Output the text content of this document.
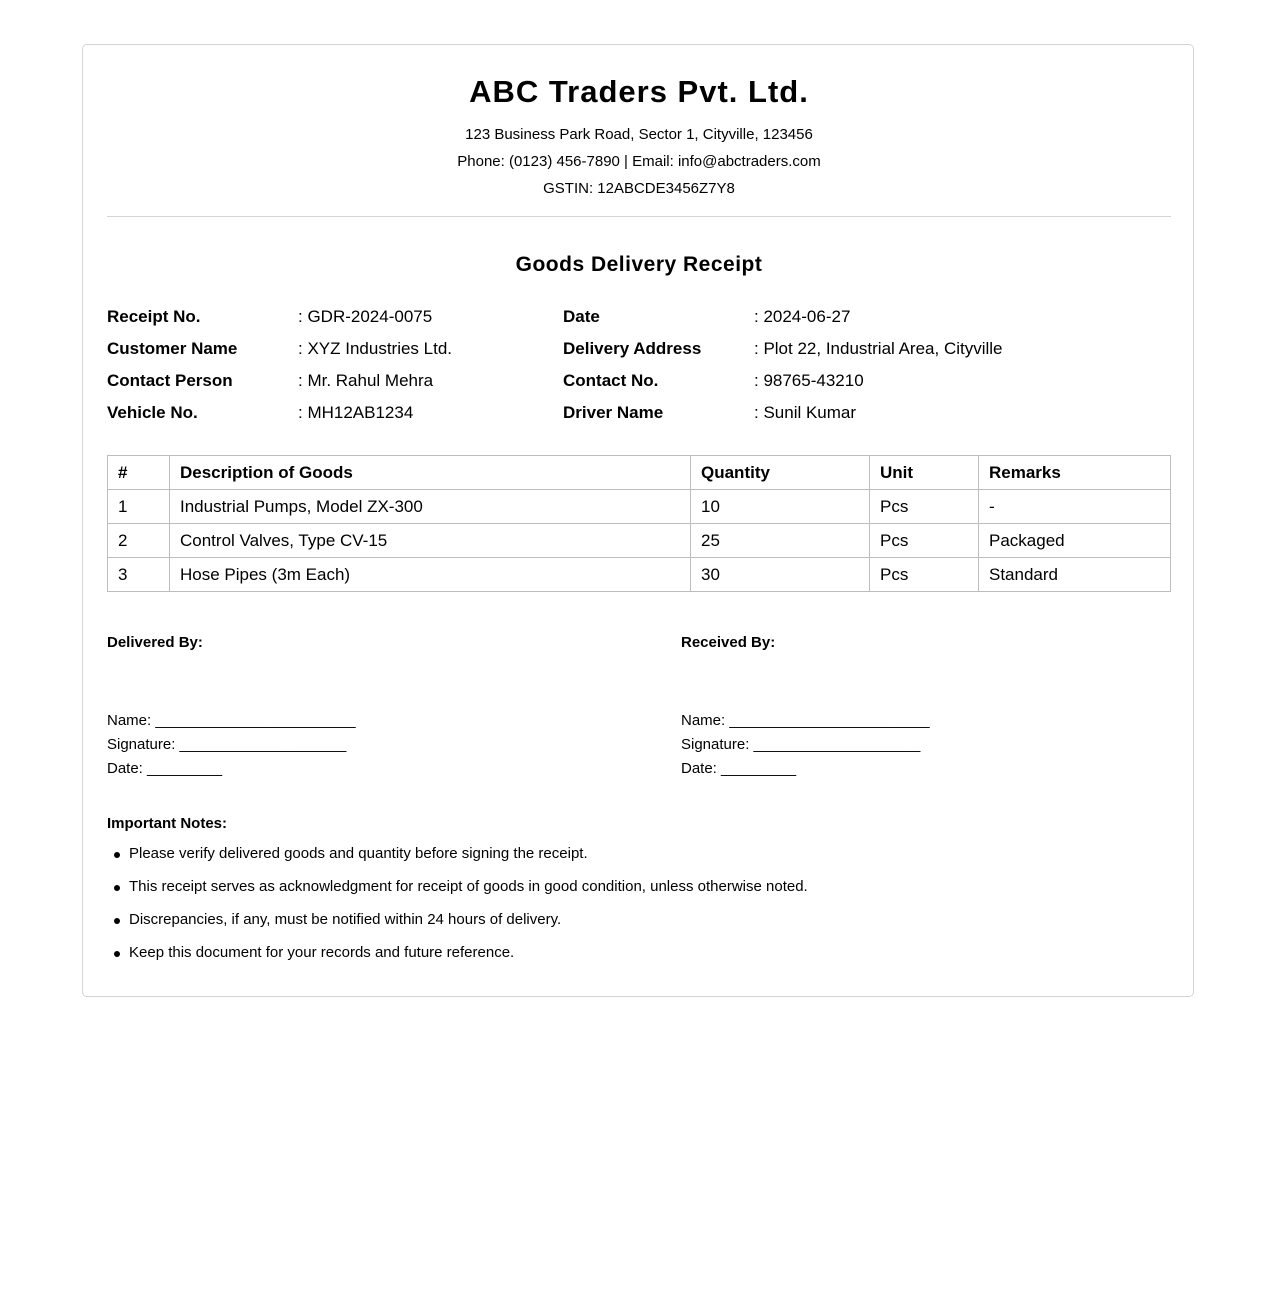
ABC Traders Pvt. Ltd.
123 Business Park Road, Sector 1, Cityville, 123456
Phone: (0123) 456-7890 | Email: info@abctraders.com
GSTIN: 12ABCDE3456Z7Y8
Goods Delivery Receipt
Receipt No.	: GDR-2024-0075	Date	: 2024-06-27
Customer Name	: XYZ Industries Ltd.	Delivery Address	: Plot 22, Industrial Area, Cityville
Contact Person	: Mr. Rahul Mehra	Contact No.	: 98765-43210
Vehicle No.	: MH12AB1234	Driver Name	: Sunil Kumar
#	Description of Goods	Quantity	Unit	Remarks
1	Industrial Pumps, Model ZX-300	10	Pcs	-
2	Control Valves, Type CV-15	25	Pcs	Packaged
3	Hose Pipes (3m Each)	30	Pcs	Standard
Delivered By:
Name: ________________________
Signature: ____________________
Date: _________
Received By:
Name: ________________________
Signature: ____________________
Date: _________
Important Notes:
Please verify delivered goods and quantity before signing the receipt.
This receipt serves as acknowledgment for receipt of goods in good condition, unless otherwise noted.
Discrepancies, if any, must be notified within 24 hours of delivery.
Keep this document for your records and future reference.
